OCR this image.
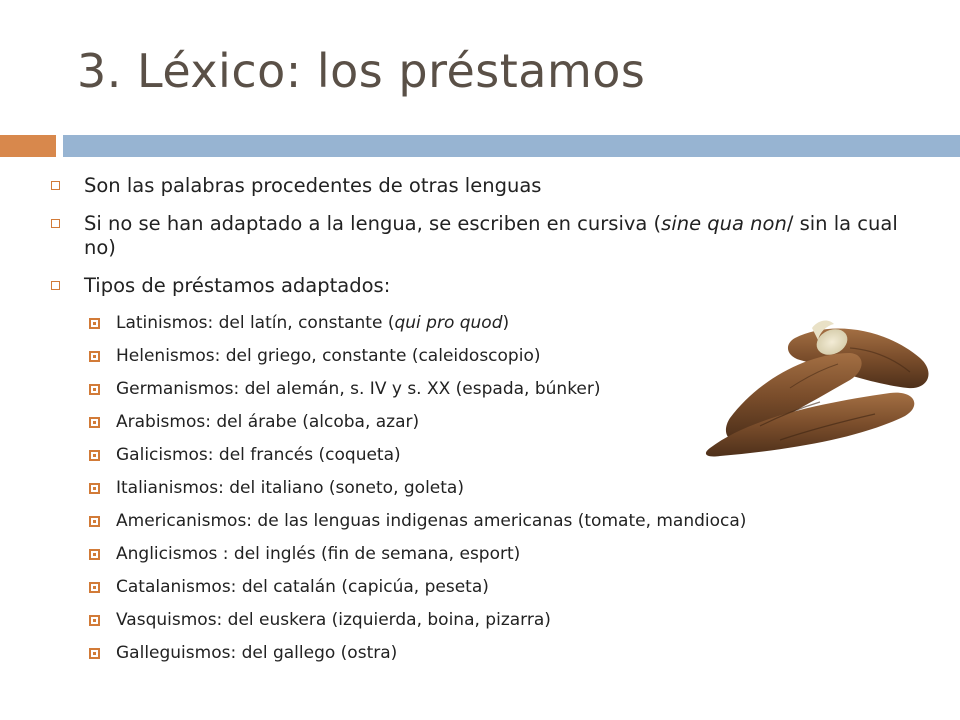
3. Léxico: los préstamos
Son las palabras procedentes de otras lenguas
Si no se han adaptado a la lengua, se escriben en cursiva (sine qua non/ sin la cual no)
Tipos de préstamos adaptados:
Latinismos: del latín, constante (qui pro quod)
Helenismos: del griego, constante (caleidoscopio)
Germanismos: del alemán, s. IV y s. XX (espada, búnker)
Arabismos: del árabe (alcoba, azar)
Galicismos: del francés (coqueta)
Italianismos: del italiano (soneto, goleta)
Americanismos: de las lenguas indigenas americanas (tomate, mandioca)
Anglicismos : del inglés (fin de semana, esport)
Catalanismos: del catalán (capicúa, peseta)
Vasquismos: del euskera (izquierda, boina, pizarra)
Galleguismos: del gallego (ostra)
